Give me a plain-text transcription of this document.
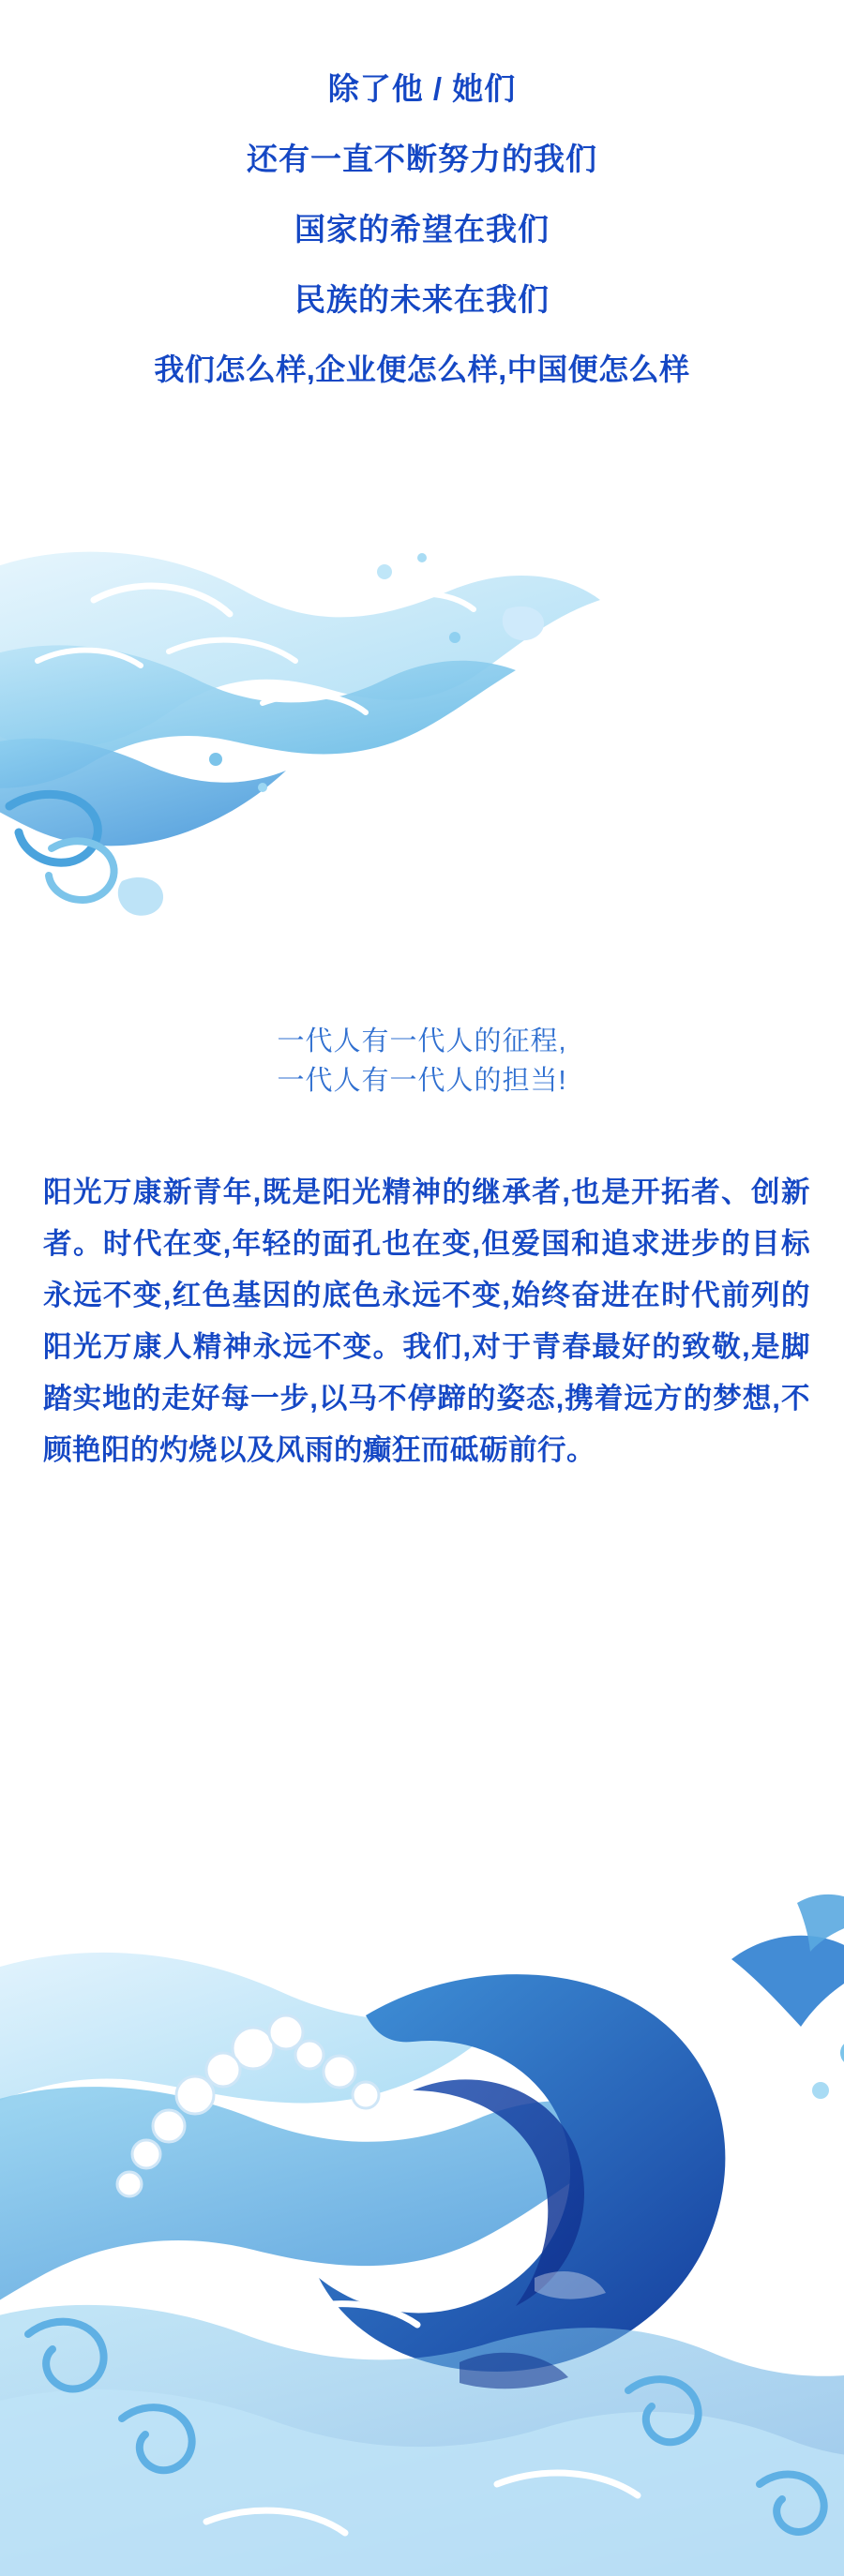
除了他 / 她们

还有一直不断努力的我们

国家的希望在我们

民族的未来在我们

我们怎么样,企业便怎么样,中国便怎么样

一代人有一代人的征程,

一代人有一代人的担当!

阳光万康新青年,既是阳光精神的继承者,也是开拓者、创新者。时代在变,年轻的面孔也在变,但爱国和追求进步的目标永远不变,红色基因的底色永远不变,始终奋进在时代前列的阳光万康人精神永远不变。我们,对于青春最好的致敬,是脚踏实地的走好每一步,以马不停蹄的姿态,携着远方的梦想,不顾艳阳的灼烧以及风雨的癫狂而砥砺前行。
